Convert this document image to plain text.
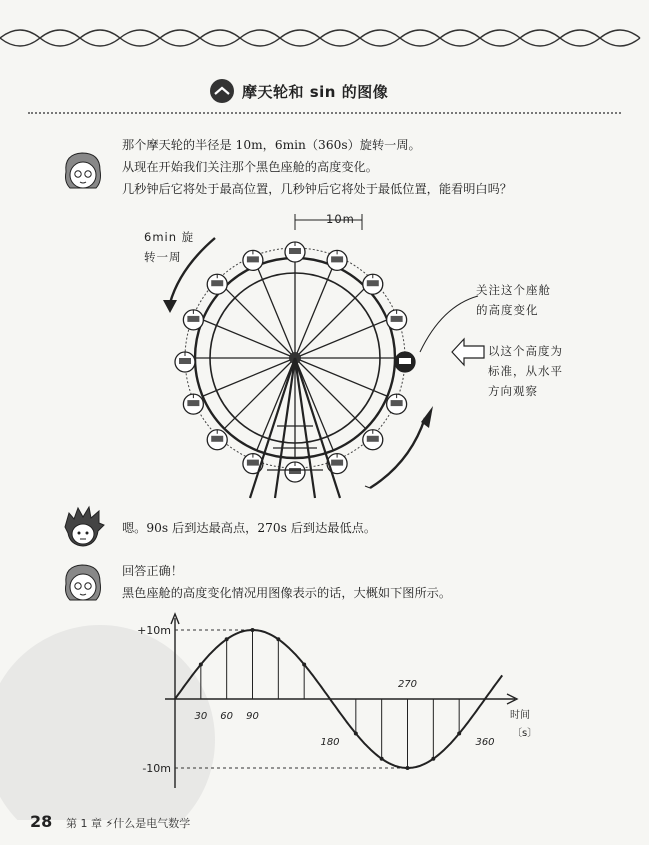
摩天轮和 sin 的图像
那个摩天轮的半径是 10m，6min（360s）旋转一周。
从现在开始我们关注那个黑色座舱的高度变化。
几秒钟后它将处于最高位置，几秒钟后它将处于最低位置，能看明白吗？
10m
6min 旋
转一周
关注这个座舱
的高度变化
以这个高度为
标准，从水平
方向观察
嗯。90s 后到达最高点，270s 后到达最低点。
回答正确！
黑色座舱的高度变化情况用图像表示的话，大概如下图所示。
时间
〔s〕
+10m
-10m
30 60 90
180
270
360
28 第 1 章 ⚡什么是电气数学
